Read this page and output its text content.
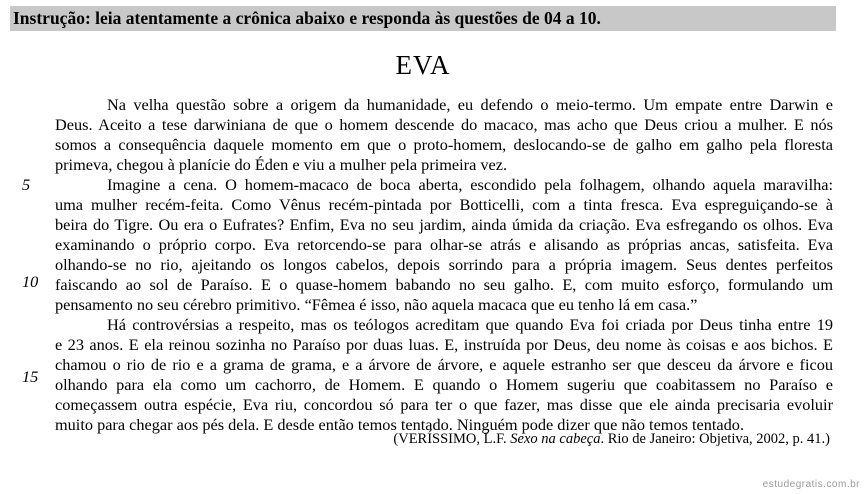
Instrução: leia atentamente a crônica abaixo e responda às questões de 04 a 10.
EVA
Na velha questão sobre a origem da humanidade, eu defendo o meio-termo. Um empate entre Darwin e
Deus. Aceito a tese darwiniana de que o homem descende do macaco, mas acho que Deus criou a mulher. E nós
somos a consequência daquele momento em que o proto-homem, deslocando-se de galho em galho pela floresta
primeva, chegou à planície do Éden e viu a mulher pela primeira vez.
Imagine a cena. O homem-macaco de boca aberta, escondido pela folhagem, olhando aquela maravilha:
uma mulher recém-feita. Como Vênus recém-pintada por Botticelli, com a tinta fresca. Eva espreguiçando-se à
beira do Tigre. Ou era o Eufrates? Enfim, Eva no seu jardim, ainda úmida da criação. Eva esfregando os olhos. Eva
examinando o próprio corpo. Eva retorcendo-se para olhar-se atrás e alisando as próprias ancas, satisfeita. Eva
olhando-se no rio, ajeitando os longos cabelos, depois sorrindo para a própria imagem. Seus dentes perfeitos
faiscando ao sol de Paraíso. E o quase-homem babando no seu galho. E, com muito esforço, formulando um
pensamento no seu cérebro primitivo. “Fêmea é isso, não aquela macaca que eu tenho lá em casa.”
Há controvérsias a respeito, mas os teólogos acreditam que quando Eva foi criada por Deus tinha entre 19
e 23 anos. E ela reinou sozinha no Paraíso por duas luas. E, instruída por Deus, deu nome às coisas e aos bichos. E
chamou o rio de rio e a grama de grama, e a árvore de árvore, e aquele estranho ser que desceu da árvore e ficou
olhando para ela como um cachorro, de Homem. E quando o Homem sugeriu que coabitassem no Paraíso e
começassem outra espécie, Eva riu, concordou só para ter o que fazer, mas disse que ele ainda precisaria evoluir
muito para chegar aos pés dela. E desde então temos tentado. Ninguém pode dizer que não temos tentado.
5
10
15
(VERÍSSIMO, L.F. Sexo na cabeça. Rio de Janeiro: Objetiva, 2002, p. 41.)
estudegratis.com.br
